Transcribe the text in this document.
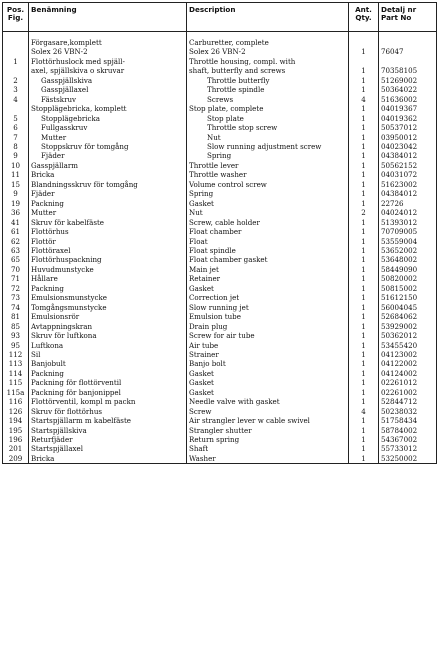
Pos.
Fig.	Benämning	Description	Ant.
Qty.	Detalj nr
Part No

	Förgasare,komplett	Carburetter, complete		
	Solex 26 VBN-2	Solex 26 VBN-2	1	76047
1	Flottörhuslock med spjäll-	Throttle housing, compl. with		
	axel, spjällskiva o skruvar	shaft, butterfly and screws	1	70358105
2	Gasspjällskiva	Throttle butterfly	1	51269002
3	Gasspjällaxel	Throttle spindle	1	50364022
4	Fästskruv	Screws	4	51636002
	Stopplägebricka, komplett	Stop plate, complete	1	04019367
5	Stopplägebricka	Stop plate	1	04019362
6	Fullgasskruv	Throttle stop screw	1	50537012
7	Mutter	Nut	1	03950012
8	Stoppskruv för tomgång	Slow running adjustment screw	1	04023042
9	Fjäder	Spring	1	04384012
10	Gasspjällarm	Throttle lever	1	50562152
11	Bricka	Throttle washer	1	04031072
15	Blandningsskruv för tomgång	Volume control screw	1	51623002
9	Fjäder	Spring	1	04384012
19	Packning	Gasket	1	22726
36	Mutter	Nut	2	04024012
41	Skruv för kabelfäste	Screw, cable holder	1	51393012
61	Flottörhus	Float chamber	1	70709005
62	Flottör	Float	1	53559004
63	Flottöraxel	Float spindle	1	53652002
65	Flottörhuspackning	Float chamber gasket	1	53648002
70	Huvudmunstycke	Main jet	1	58449090
71	Hållare	Retainer	1	50820002
72	Packning	Gasket	1	50815002
73	Emulsionsmunstycke	Correction jet	1	51612150
74	Tomgångsmunstycke	Slow running jet	1	56004045
81	Emulsionsrör	Emulsion tube	1	52684062
85	Avtappningskran	Drain plug	1	53929002
93	Skruv för luftkona	Screw for air tube	1	50362012
95	Luftkona	Air tube	1	53455420
112	Sil	Strainer	1	04123002
113	Banjobult	Banjo bolt	1	04122002
114	Packning	Gasket	1	04124002
115	Packning för flottörventil	Gasket	1	02261012
115a	Packning för banjonippel	Gasket	1	02261002
116	Flottörventil, kompl m packn	Needle valve with gasket	1	52844712
126	Skruv för flottörhus	Screw	4	50238032
194	Startspjällarm m kabelfäste	Air strangler lever w cable swivel	1	51758434
195	Startspjällskiva	Strangler shutter	1	58784002
196	Returfjäder	Return spring	1	54367002
201	Startspjällaxel	Shaft	1	55733012
209	Bricka	Washer	1	53250002
